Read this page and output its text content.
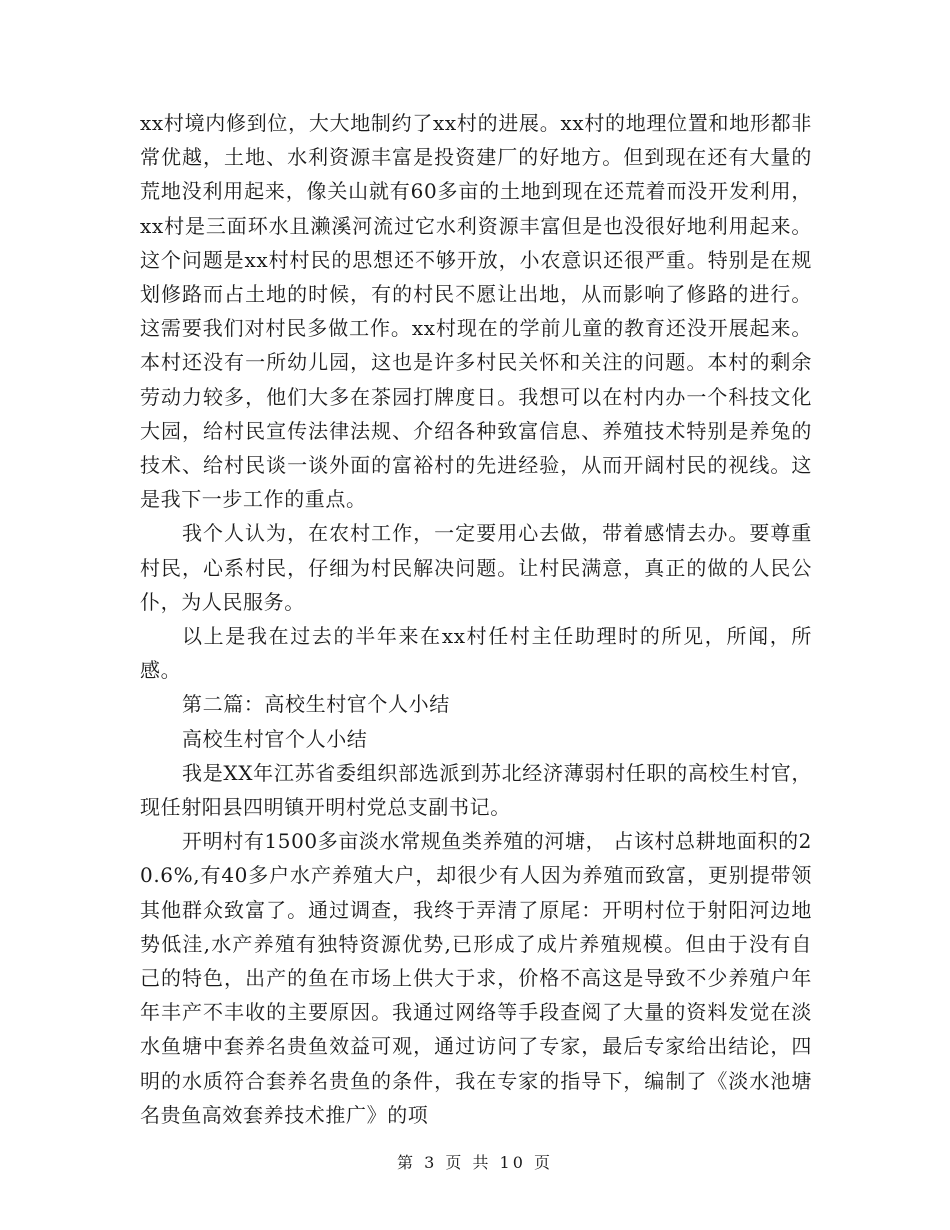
xx村境内修到位，大大地制约了xx村的进展。xx村的地理位置和地形都非常优越，土地、水利资源丰富是投资建厂的好地方。但到现在还有大量的荒地没利用起来，像关山就有60多亩的土地到现在还荒着而没开发利用，xx村是三面环水且濑溪河流过它水利资源丰富但是也没很好地利用起来。这个问题是xx村村民的思想还不够开放，小农意识还很严重。特别是在规划修路而占土地的时候，有的村民不愿让出地，从而影响了修路的进行。这需要我们对村民多做工作。xx村现在的学前儿童的教育还没开展起来。本村还没有一所幼儿园，这也是许多村民关怀和关注的问题。本村的剩余劳动力较多，他们大多在茶园打牌度日。我想可以在村内办一个科技文化大园，给村民宣传法律法规、介绍各种致富信息、养殖技术特别是养兔的技术、给村民谈一谈外面的富裕村的先进经验，从而开阔村民的视线。这是我下一步工作的重点。

我个人认为，在农村工作，一定要用心去做，带着感情去办。要尊重村民，心系村民，仔细为村民解决问题。让村民满意，真正的做的人民公仆，为人民服务。

以上是我在过去的半年来在xx村任村主任助理时的所见，所闻，所感。

第二篇：高校生村官个人小结

高校生村官个人小结

我是XX年江苏省委组织部选派到苏北经济薄弱村任职的高校生村官，现任射阳县四明镇开明村党总支副书记。

开明村有1500多亩淡水常规鱼类养殖的河塘， 占该村总耕地面积的20.6%,有40多户水产养殖大户，却很少有人因为养殖而致富，更别提带领其他群众致富了。通过调查，我终于弄清了原尾：开明村位于射阳河边地势低洼,水产养殖有独特资源优势,已形成了成片养殖规模。但由于没有自己的特色，出产的鱼在市场上供大于求，价格不高这是导致不少养殖户年年丰产不丰收的主要原因。我通过网络等手段查阅了大量的资料发觉在淡水鱼塘中套养名贵鱼效益可观，通过访问了专家，最后专家给出结论，四明的水质符合套养名贵鱼的条件，我在专家的指导下，编制了《淡水池塘名贵鱼高效套养技术推广》的项

第 3 页 共 10 页
